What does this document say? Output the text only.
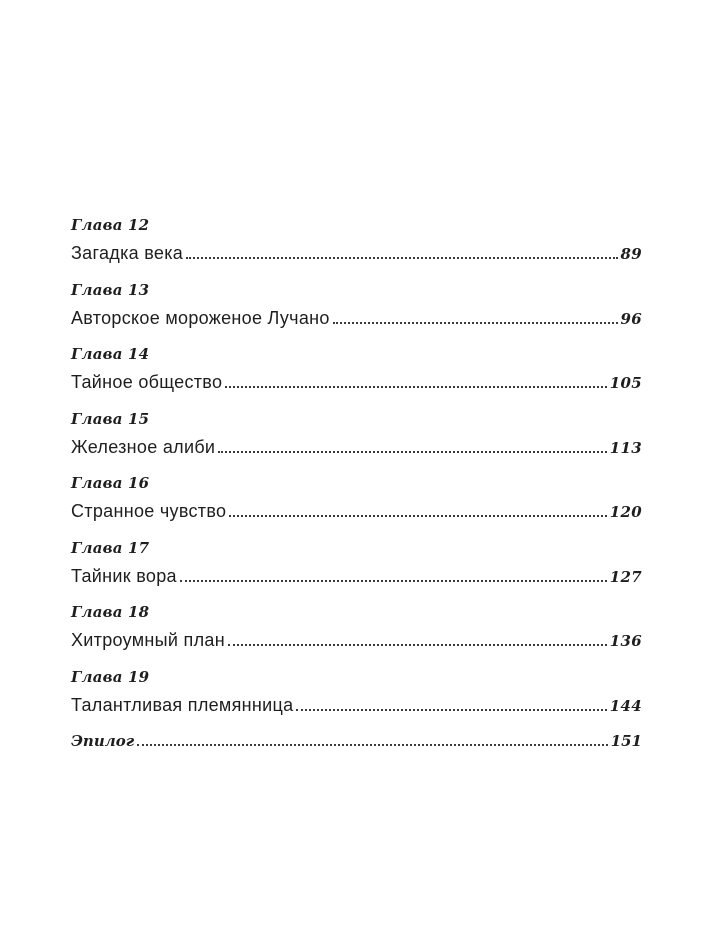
Глава 12
Загадка века	89
Глава 13
Авторское мороженое Лучано	96
Глава 14
Тайное общество	105
Глава 15
Железное алиби	113
Глава 16
Странное чувство	120
Глава 17
Тайник вора	127
Глава 18
Хитроумный план	136
Глава 19
Талантливая племянница	144
Эпилог	151
